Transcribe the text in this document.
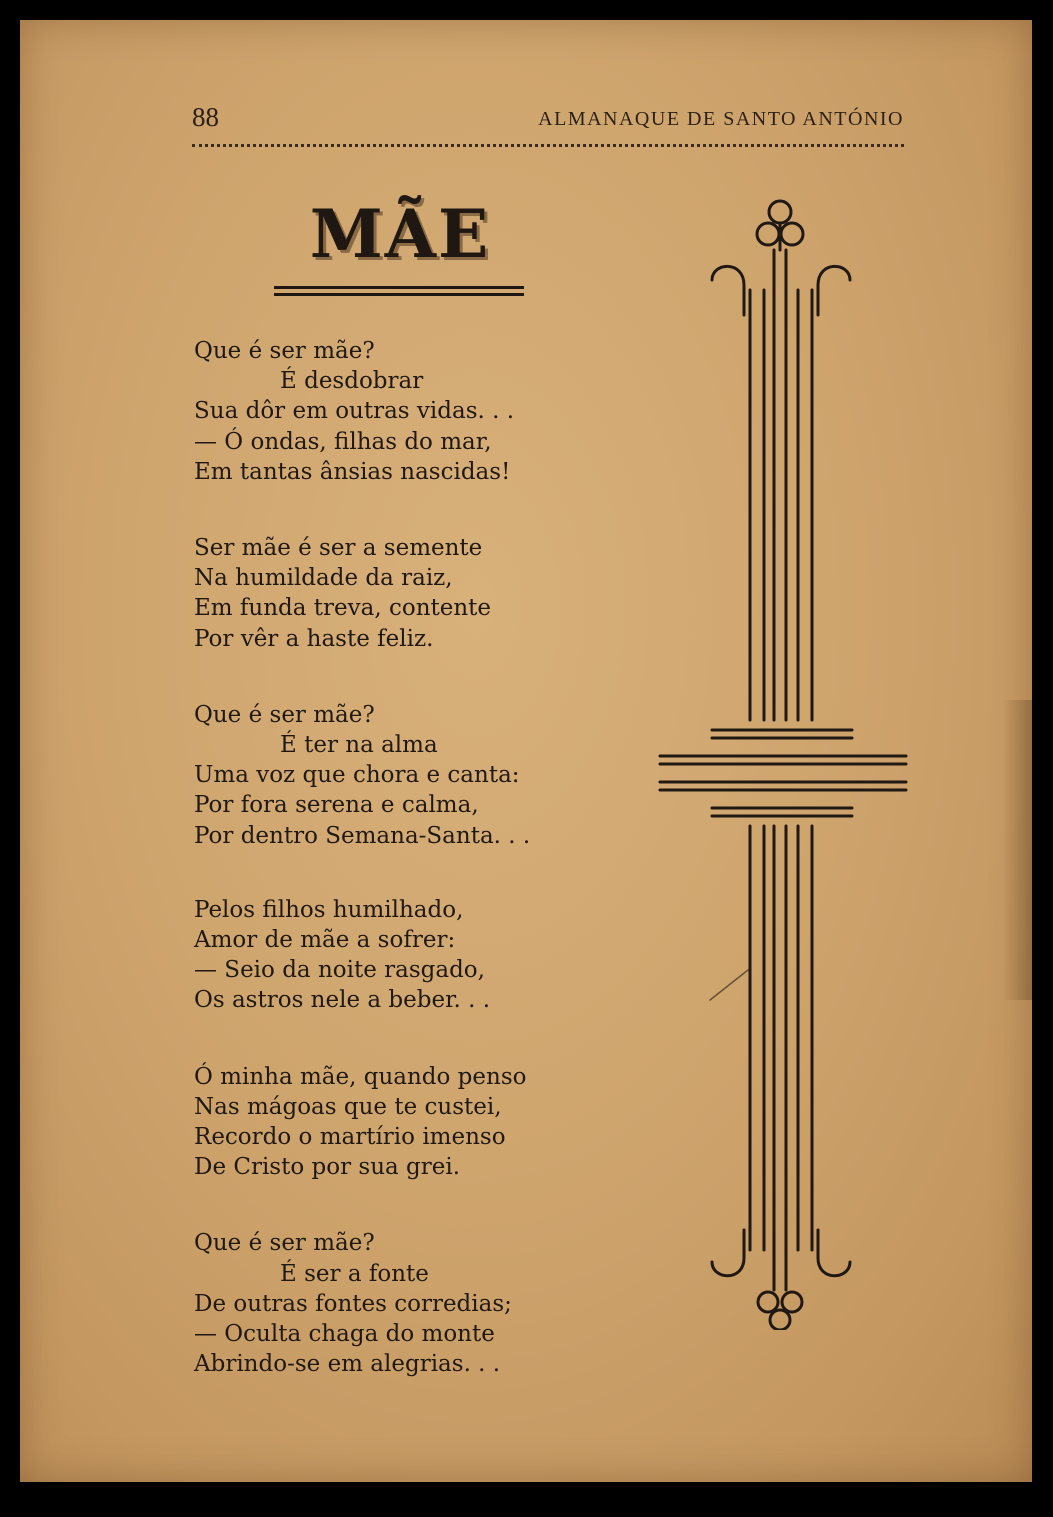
88	ALMANAQUE DE SANTO ANTÓNIO
MÃE
Que é ser mãe?
É desdobrar
Sua dôr em outras vidas. . .
— Ó ondas, filhas do mar,
Em tantas ânsias nascidas!
Ser mãe é ser a semente
Na humildade da raiz,
Em funda treva, contente
Por vêr a haste feliz.
Que é ser mãe?
É ter na alma
Uma voz que chora e canta:
Por fora serena e calma,
Por dentro Semana-Santa. . .
Pelos filhos humilhado,
Amor de mãe a sofrer:
— Seio da noite rasgado,
Os astros nele a beber. . .
Ó minha mãe, quando penso
Nas mágoas que te custei,
Recordo o martírio imenso
De Cristo por sua grei.
Que é ser mãe?
É ser a fonte
De outras fontes corredias;
— Oculta chaga do monte
Abrindo-se em alegrias. . .
